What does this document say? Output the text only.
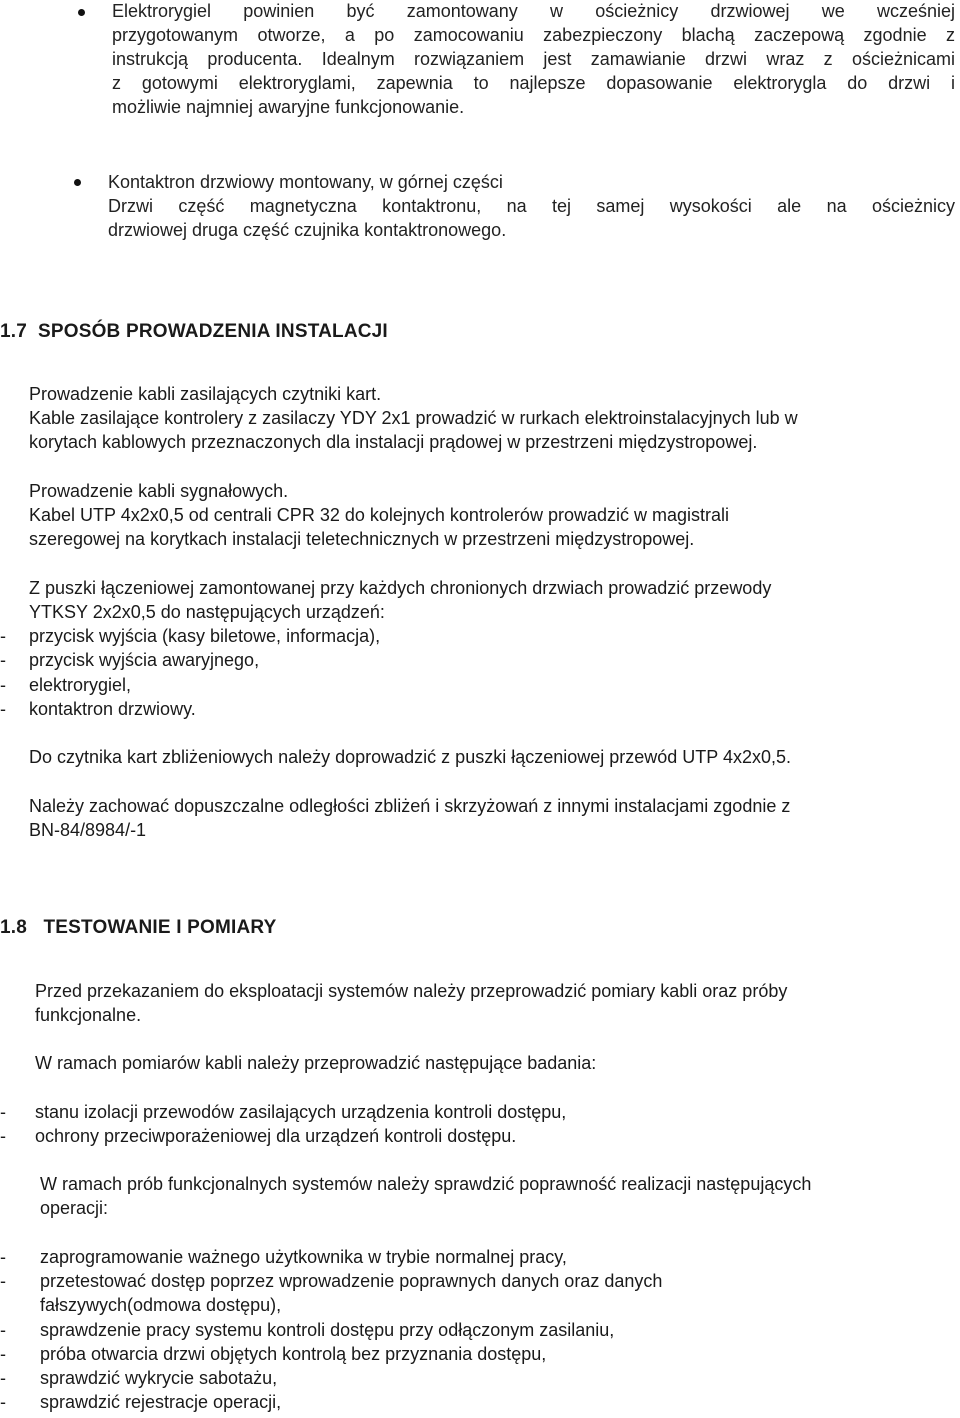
Elektrorygiel powinien być zamontowany w ościeżnicy drzwiowej we wcześniej
przygotowanym otworze, a po zamocowaniu zabezpieczony blachą zaczepową zgodnie z
instrukcją producenta. Idealnym rozwiązaniem jest zamawianie drzwi wraz z ościeżnicami
z gotowymi elektroryglami, zapewnia to najlepsze dopasowanie elektrorygla do drzwi i
możliwie najmniej awaryjne funkcjonowanie.
Kontaktron drzwiowy montowany, w górnej części
Drzwi część magnetyczna kontaktronu, na tej samej wysokości ale na ościeżnicy
drzwiowej druga część czujnika kontaktronowego.
1.7  SPOSÓB PROWADZENIA INSTALACJI
Prowadzenie kabli zasilających czytniki kart.
Kable zasilające kontrolery z zasilaczy YDY 2x1 prowadzić w rurkach elektroinstalacyjnych lub w
korytach kablowych przeznaczonych dla instalacji prądowej w przestrzeni międzystropowej.
Prowadzenie kabli sygnałowych.
Kabel UTP 4x2x0,5 od centrali CPR 32 do kolejnych kontrolerów prowadzić w magistrali
szeregowej na korytkach instalacji teletechnicznych w przestrzeni międzystropowej.
Z puszki łączeniowej zamontowanej przy każdych chronionych drzwiach prowadzić przewody
YTKSY 2x2x0,5 do następujących urządzeń:
- przycisk wyjścia (kasy biletowe, informacja),
- przycisk wyjścia awaryjnego,
- elektrorygiel,
- kontaktron drzwiowy.
Do czytnika kart zbliżeniowych należy doprowadzić z puszki łączeniowej przewód UTP 4x2x0,5.
Należy zachować dopuszczalne odległości zbliżeń i skrzyżowań z innymi instalacjami zgodnie z
BN-84/8984/-1
1.8   TESTOWANIE I POMIARY
Przed przekazaniem do eksploatacji systemów należy przeprowadzić pomiary kabli oraz próby
funkcjonalne.
W ramach pomiarów kabli należy przeprowadzić następujące badania:
- stanu izolacji przewodów zasilających urządzenia kontroli dostępu,
- ochrony przeciwporażeniowej dla urządzeń kontroli dostępu.
W ramach prób funkcjonalnych systemów należy sprawdzić poprawność realizacji następujących
operacji:
- zaprogramowanie ważnego użytkownika w trybie normalnej pracy,
- przetestować dostęp poprzez wprowadzenie poprawnych danych oraz danych
fałszywych(odmowa dostępu),
- sprawdzenie pracy systemu kontroli dostępu przy odłączonym zasilaniu,
- próba otwarcia drzwi objętych kontrolą bez przyznania dostępu,
- sprawdzić wykrycie sabotażu,
- sprawdzić rejestracje operacji,
